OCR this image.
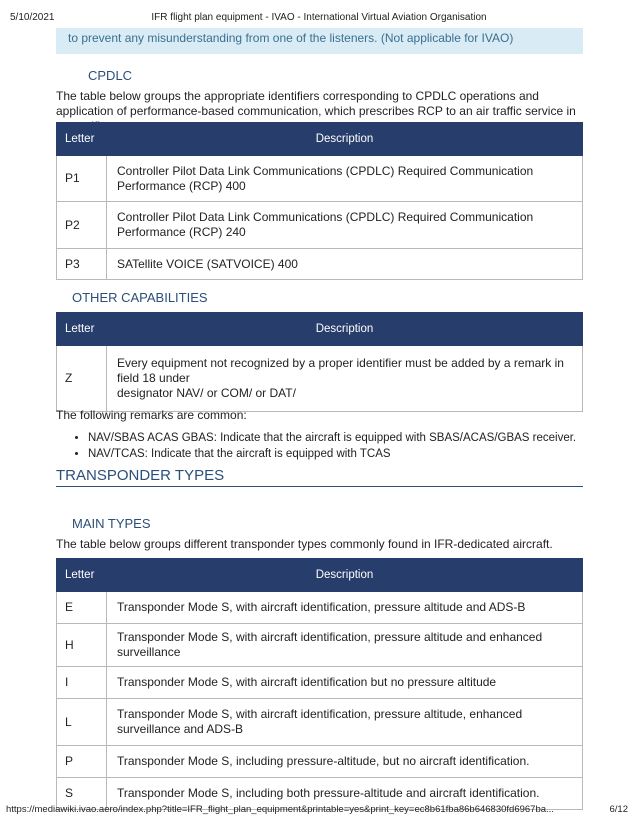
5/10/2021	IFR flight plan equipment - IVAO - International Virtual Aviation Organisation
to prevent any misunderstanding from one of the listeners. (Not applicable for IVAO)
CPDLC

The table below groups the appropriate identifiers corresponding to CPDLC operations and application of performance-based communication, which prescribes RCP to an air traffic service in

Letter	Description
P1	Controller Pilot Data Link Communications (CPDLC) Required Communication Performance (RCP) 400
P2	Controller Pilot Data Link Communications (CPDLC) Required Communication Performance (RCP) 240
P3	SATellite VOICE (SATVOICE) 400
OTHER CAPABILITIES
Letter	Description
Z	Every equipment not recognized by a proper identifier must be added by a remark in field 18 under
designator NAV/ or COM/ or DAT/

The following remarks are common:

• NAV/SBAS ACAS GBAS: Indicate that the aircraft is equipped with SBAS/ACAS/GBAS receiver.
• NAV/TCAS: Indicate that the aircraft is equipped with TCAS
TRANSPONDER TYPES
MAIN TYPES

The table below groups different transponder types commonly found in IFR-dedicated aircraft.

Letter	Description
E	Transponder Mode S, with aircraft identification, pressure altitude and ADS-B
H	Transponder Mode S, with aircraft identification, pressure altitude and enhanced surveillance
I	Transponder Mode S, with aircraft identification but no pressure altitude
L	Transponder Mode S, with aircraft identification, pressure altitude, enhanced surveillance and ADS-B
P	Transponder Mode S, including pressure-altitude, but no aircraft identification.
S	Transponder Mode S, including both pressure-altitude and aircraft identification.
https://mediawiki.ivao.aero/index.php?title=IFR_flight_plan_equipment&printable=yes&print_key=ec8b61fba86b646830fd6967ba...	6/12
